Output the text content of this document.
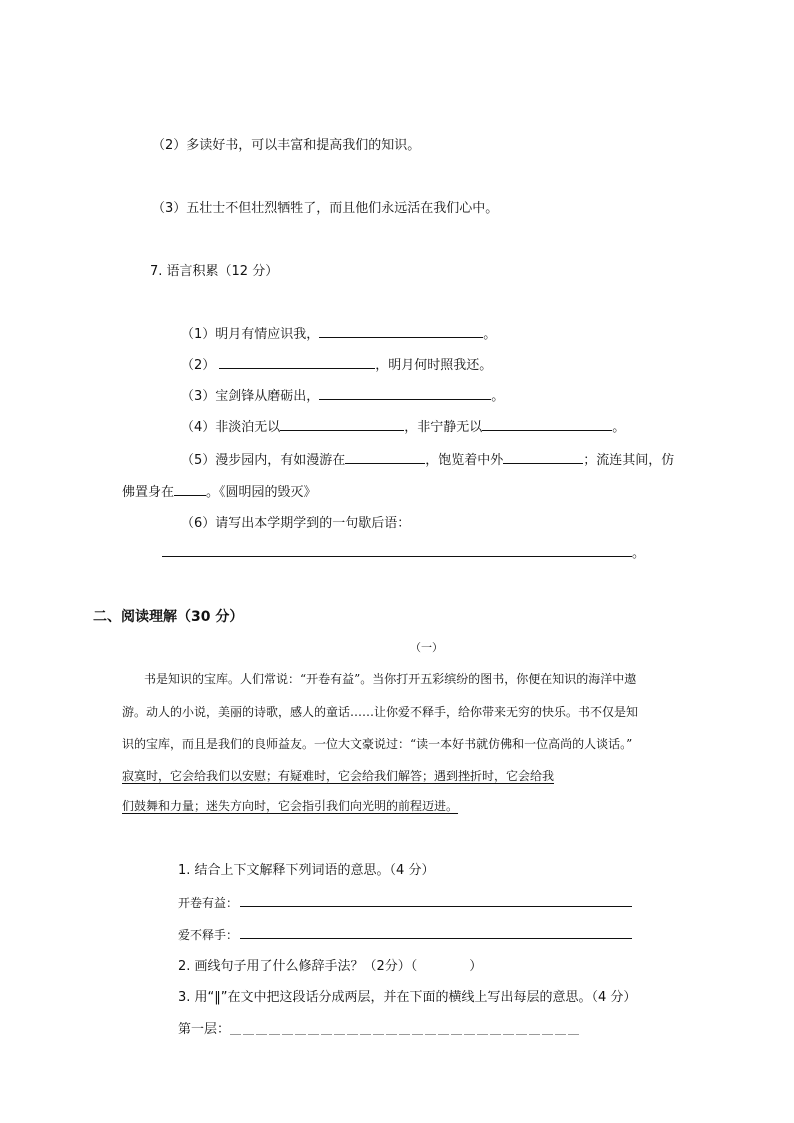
（2）多读好书，可以丰富和提高我们的知识。
（3）五壮士不但壮烈牺牲了，而且他们永远活在我们心中。
7. 语言积累（12 分）
（1）明月有情应识我，	。
（2）	，明月何时照我还。
（3）宝剑锋从磨砺出，	。
（4）非淡泊无以	，非宁静无以	。
（5）漫步园内，有如漫游在	，饱览着中外	；流连其间，仿
佛置身在 。《圆明园的毁灭》
（6）请写出本学期学到的一句歇后语：
。
二、阅读理解（30 分）
（一）
书是知识的宝库。人们常说：“开卷有益”。当你打开五彩缤纷的图书，你便在知识的海洋中遨
游。动人的小说，美丽的诗歌，感人的童话……让你爱不释手，给你带来无穷的快乐。书不仅是知
识的宝库，而且是我们的良师益友。一位大文豪说过：“读一本好书就仿佛和一位高尚的人谈话。”
寂寞时，它会给我们以安慰；有疑难时，它会给我们解答；遇到挫折时，它会给我
们鼓舞和力量；迷失方向时，它会指引我们向光明的前程迈进。
1. 结合上下文解释下列词语的意思。（4 分）
开卷有益：
爱不释手：
2. 画线句子用了什么修辞手法？（2分）（　　　　）
3. 用“‖”在文中把这段话分成两层，并在下面的横线上写出每层的意思。（4 分）
第一层：＿＿＿＿＿＿＿＿＿＿＿＿＿＿＿＿＿＿＿＿＿＿＿＿＿＿＿
